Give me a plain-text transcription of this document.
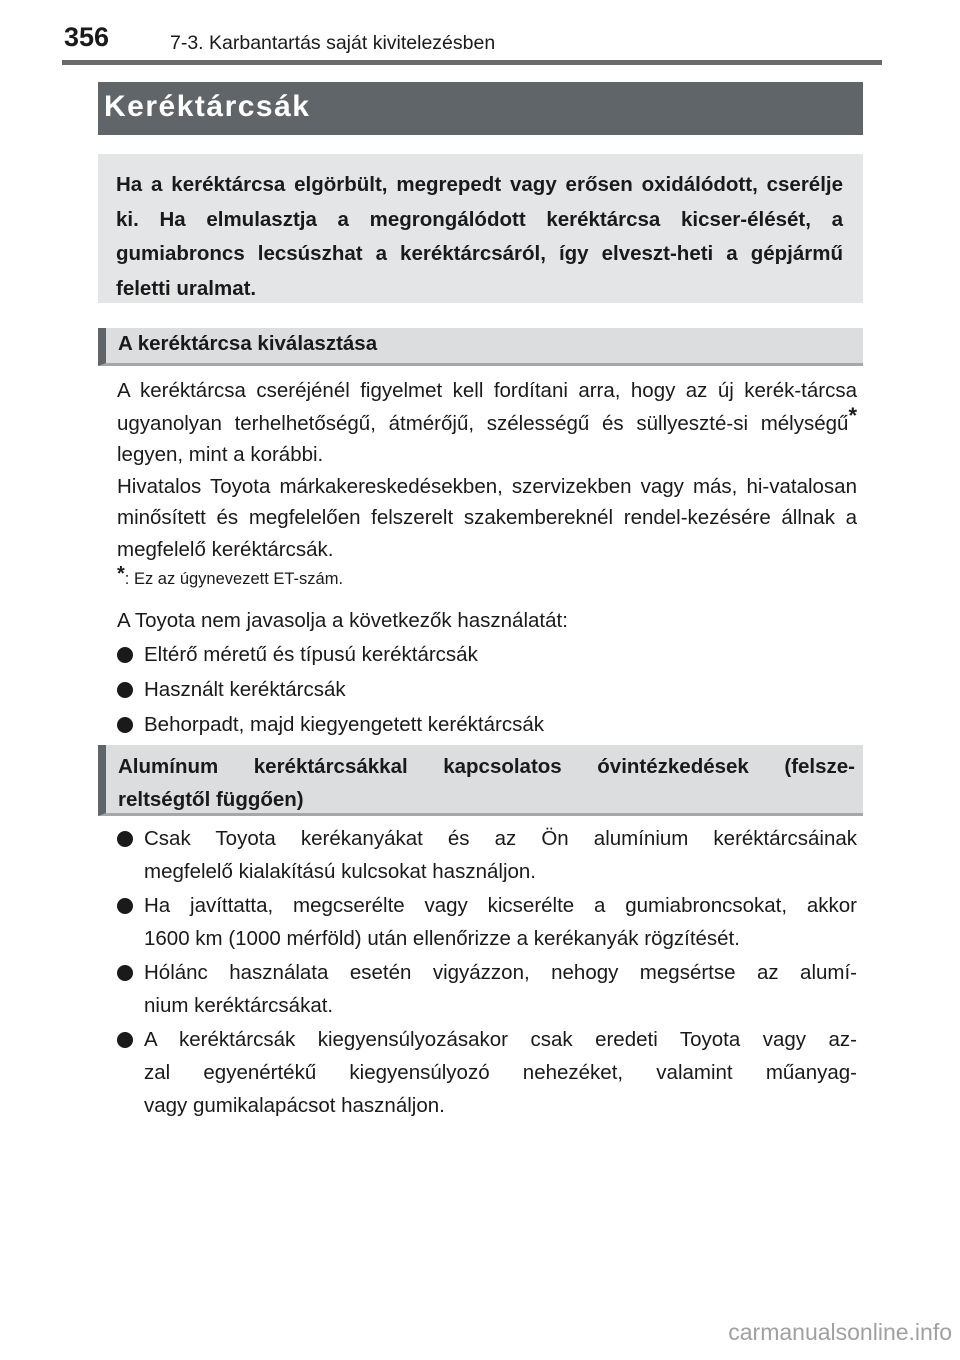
356	7-3. Karbantartás saját kivitelezésben
Keréktárcsák

Ha a keréktárcsa elgörbült, megrepedt vagy erősen oxidálódott, cserélje ki. Ha elmulasztja a megrongálódott keréktárcsa kicser-élését, a gumiabroncs lecsúszhat a keréktárcsáról, így elveszt-heti a gépjármű feletti uralmat.

A keréktárcsa kiválasztása

A keréktárcsa cseréjénél figyelmet kell fordítani arra, hogy az új kerék-tárcsa ugyanolyan terhelhetőségű, átmérőjű, szélességű és süllyeszté-si mélységű* legyen, mint a korábbi.

Hivatalos Toyota márkakereskedésekben, szervizekben vagy más, hi-vatalosan minősített és megfelelően felszerelt szakembereknél rendel-kezésére állnak a megfelelő keréktárcsák.

*: Ez az úgynevezett ET-szám.

A Toyota nem javasolja a következők használatát:

Eltérő méretű és típusú keréktárcsák
Használt keréktárcsák
Behorpadt, majd kiegyengetett keréktárcsák
Alumínum keréktárcsákkal kapcsolatos óvintézkedések (felsze-
reltségtől függően)
Csak Toyota kerékanyákat és az Ön alumínium keréktárcsáinak
megfelelő kialakítású kulcsokat használjon.
Ha javíttatta, megcserélte vagy kicserélte a gumiabroncsokat, akkor
1600 km (1000 mérföld) után ellenőrizze a kerékanyák rögzítését.
Hólánc használata esetén vigyázzon, nehogy megsértse az alumí-
nium keréktárcsákat.
A keréktárcsák kiegyensúlyozásakor csak eredeti Toyota vagy az-
zal egyenértékű kiegyensúlyozó nehezéket, valamint műanyag-
vagy gumikalapácsot használjon.
carmanualsonline.info
